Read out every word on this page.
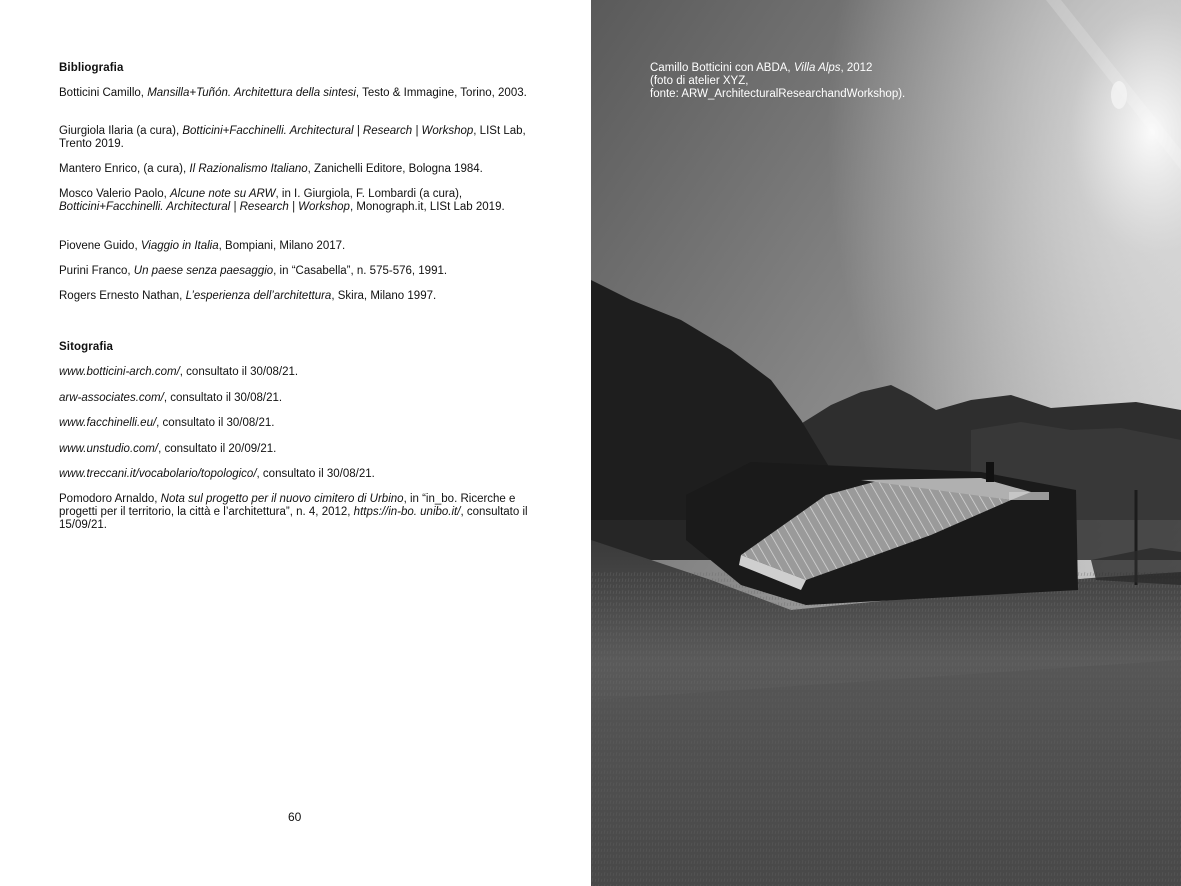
Bibliografia
Botticini Camillo, Mansilla+Tuñón. Architettura della sintesi, Testo & Immagine, Torino, 2003.
Giurgiola Ilaria (a cura), Botticini+Facchinelli. Architectural | Research | Workshop, LISt Lab, Trento 2019.
Mantero Enrico, (a cura), Il Razionalismo Italiano, Zanichelli Editore, Bologna 1984.
Mosco Valerio Paolo, Alcune note su ARW, in I. Giurgiola, F. Lombardi (a cura), Botticini+Facchinelli. Architectural | Research | Workshop, Monograph.it, LISt Lab 2019.
Piovene Guido, Viaggio in Italia, Bompiani, Milano 2017.
Purini Franco, Un paese senza paesaggio, in “Casabella”, n. 575-576, 1991.
Rogers Ernesto Nathan, L’esperienza dell’architettura, Skira, Milano 1997.
Sitografia
www.botticini-arch.com/, consultato il 30/08/21.
arw-associates.com/, consultato il 30/08/21.
www.facchinelli.eu/, consultato il 30/08/21.
www.unstudio.com/, consultato il 20/09/21.
www.treccani.it/vocabolario/topologico/, consultato il 30/08/21.
Pomodoro Arnaldo, Nota sul progetto per il nuovo cimitero di Urbino, in “in_bo. Ricerche e progetti per il territorio, la città e l’architettura”, n. 4, 2012, https://in-bo. unibo.it/, consultato il 15/09/21.
60
Camillo Botticini con ABDA, Villa Alps, 2012
(foto di atelier XYZ,
fonte: ARW_ArchitecturalResearchandWorkshop).
